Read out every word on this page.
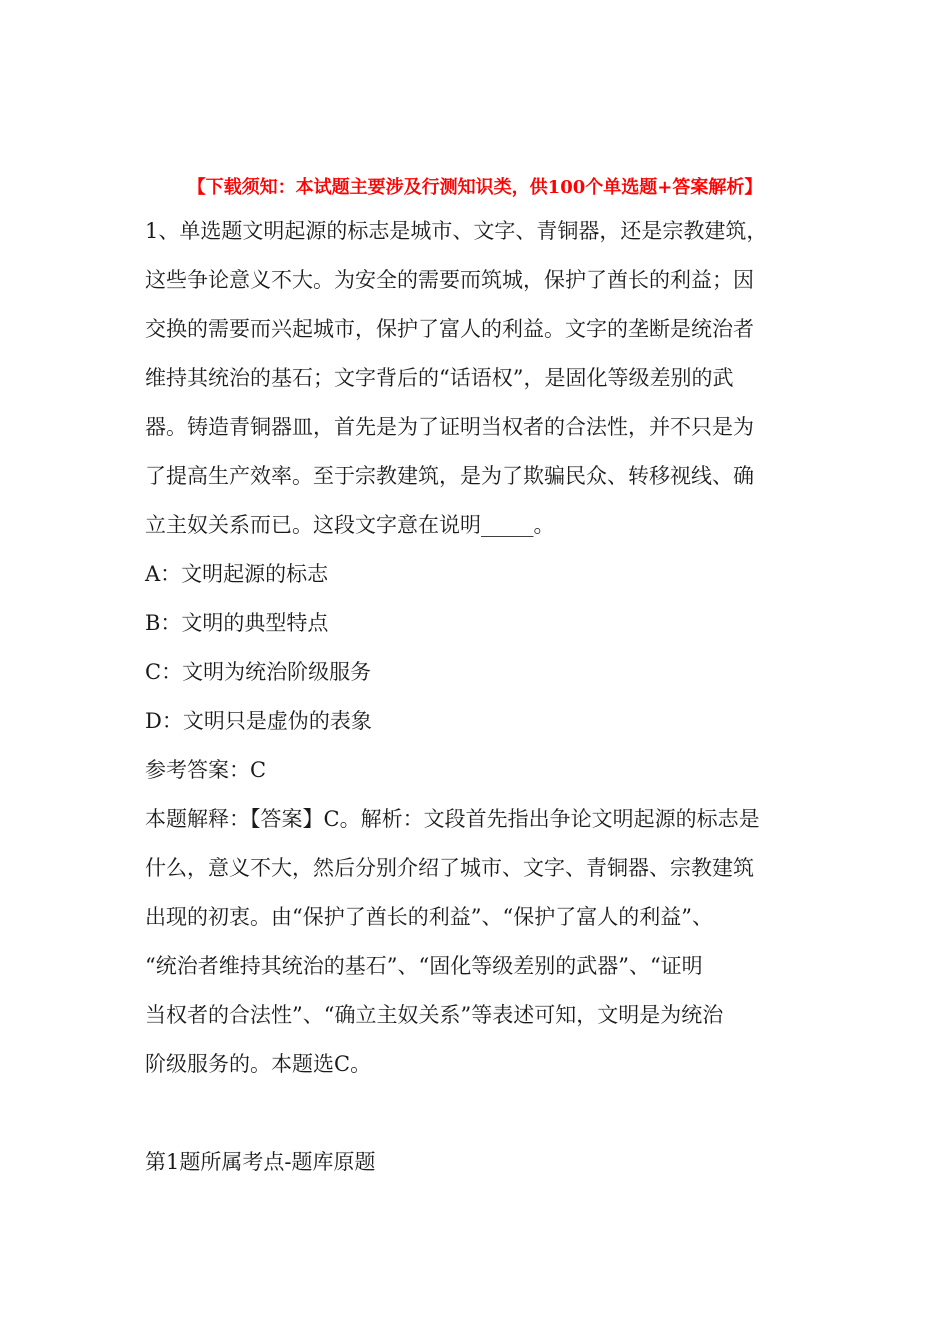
【下载须知：本试题主要涉及行测知识类，供100个单选题+答案解析】

1、单选题文明起源的标志是城市、文字、青铜器，还是宗教建筑，

这些争论意义不大。为安全的需要而筑城，保护了酋长的利益；因

交换的需要而兴起城市，保护了富人的利益。文字的垄断是统治者

维持其统治的基石；文字背后的“话语权”，是固化等级差别的武

器。铸造青铜器皿，首先是为了证明当权者的合法性，并不只是为

了提高生产效率。至于宗教建筑，是为了欺骗民众、转移视线、确

立主奴关系而已。这段文字意在说明_____。

A：文明起源的标志

B：文明的典型特点

C：文明为统治阶级服务

D：文明只是虚伪的表象

参考答案：C

本题解释：【答案】C。解析：文段首先指出争论文明起源的标志是

什么，意义不大，然后分别介绍了城市、文字、青铜器、宗教建筑

出现的初衷。由“保护了酋长的利益”、“保护了富人的利益”、

“统治者维持其统治的基石”、“固化等级差别的武器”、“证明

当权者的合法性”、“确立主奴关系”等表述可知，文明是为统治

阶级服务的。本题选C。

第1题所属考点-题库原题
